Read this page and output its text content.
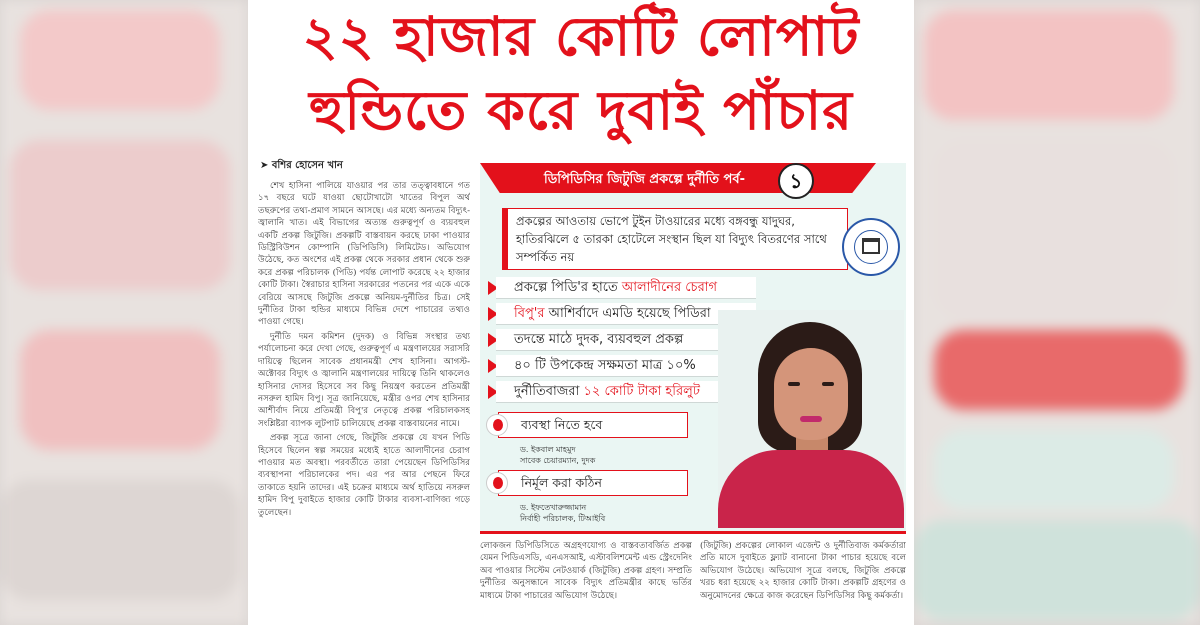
২২ হাজার কোটি লোপাট
হুন্ডিতে করে দুবাই পাঁচার
➤ বশির হোসেন খান

শেখ হাসিনা পালিয়ে যাওয়ার পর তার তত্ত্বাবধানে গত ১৭ বছরে ঘটে যাওয়া ছোটোখাটো খাতের বিপুল অর্থ তছরুপের তথ্য-প্রমাণ সামনে আসছে। এর মধ্যে অন্যতম বিদ্যুৎ-জ্বালানি খাত। এই বিভাগের অত্যন্ত গুরুত্বপূর্ণ ও ব্যয়বহুল একটি প্রকল্প জিটুজি। প্রকল্পটি বাস্তবায়ন করছে ঢাকা পাওয়ার ডিস্ট্রিবিউশন কোম্পানি (ডিপিডিসি) লিমিটেড। অভিযোগ উঠেছে, কত অংশের এই প্রকল্প থেকে সরকার প্রধান থেকে শুরু করে প্রকল্প পরিচালক (পিডি) পর্যন্ত লোপাট করেছে ২২ হাজার কোটি টাকা। স্বৈরাচার হাসিনা সরকারের পতনের পর একে একে বেরিয়ে আসছে জিটুজি প্রকল্পে অনিয়ম-দুর্নীতির চিত্র। সেই দুর্নীতির টাকা হুন্ডির মাধ্যমে বিভিন্ন দেশে পাচারের তথ্যও পাওয়া গেছে।

দুর্নীতি দমন কমিশন (দুদক) ও বিভিন্ন সংস্থার তথ্য পর্যালোচনা করে দেখা গেছে, গুরুত্বপূর্ণ এ মন্ত্রণালয়ের সরাসরি দায়িত্বে ছিলেন সাবেক প্রধানমন্ত্রী শেখ হাসিনা। আগস্ট-অক্টোবর বিদ্যুৎ ও জ্বালানি মন্ত্রণালয়ের দায়িত্বে তিনি থাকলেও হাসিনার দোসর হিসেবে সব কিছু নিয়ন্ত্রণ করতেন প্রতিমন্ত্রী নসরুল হামিদ বিপু। সূত্র জানিয়েছে, মন্ত্রীর ওপর শেখ হাসিনার আশীর্বাদ নিয়ে প্রতিমন্ত্রী বিপু'র নেতৃত্বে প্রকল্প পরিচালকসহ সংশ্লিষ্টরা ব্যাপক লুটপাট চালিয়েছে প্রকল্প বাস্তবায়নের নামে।

প্রকল্প সূত্রে জানা গেছে, জিটুজি প্রকল্পে যে যখন পিডি হিসেবে ছিলেন স্বল্প সময়ের মধ্যেই হাতে আলাদীনের চেরাগ পাওয়ার মত অবস্থা। পরবর্তীতে তারা পেয়েছেন ডিপিডিসির ব্যবস্থাপনা পরিচালকের পদ। এর পর আর পেছনে ফিরে তাকাতে হয়নি তাদের। এই চক্রের মাধ্যমে অর্থ হাতিয়ে নসরুল হামিদ বিপু দুবাইতে হাজার কোটি টাকার ব্যবসা-বাণিজ্য গড়ে তুলেছেন।

ডিপিডিসির জিটুজি প্রকল্পে দুর্নীতি পর্ব-	১
প্রকল্পের আওতায় ভোপে টুইন টাওয়ারের মধ্যে বঙ্গবন্ধু যাদুঘর, হাতিরঝিলে ৫ তারকা হোটেলে সংস্থান ছিল যা বিদ্যুৎ বিতরণের সাথে সম্পর্কিত নয়
প্রকল্পে পিডি'র হাতে আলাদীনের চেরাগ
বিপু'র আশির্বাদে এমডি হয়েছে পিডিরা
তদন্তে মাঠে দুদক, ব্যয়বহুল প্রকল্প
৪০ টি উপকেন্দ্র সক্ষমতা মাত্র ১০%
দুর্নীতিবাজরা ১২ কোটি টাকা হরিলুট
ব্যবস্থা নিতে হবে
ড. ইকবাল মাহমুদ
সাবেক চেয়ারম্যান, দুদক
নির্মূল করা কঠিন
ড. ইফতেখারুজ্জামান
নির্বাহী পরিচালক, টিআইবি
লোকজন ডিপিডিসিতে অগ্রহণযোগ্য ও বাস্তবতাবর্জিত প্রকল্প যেমন পিডিএসডি, এনএসআই, এস্টাবলিশমেন্ট এন্ড স্ট্রেংদেনিং অব পাওয়ার সিস্টেম নেটওয়ার্ক (জিটুজি) প্রকল্প গ্রহণ। সম্প্রতি দুর্নীতির অনুসন্ধানে সাবেক বিদ্যুৎ প্রতিমন্ত্রীর কাছে ভর্তির মাধ্যমে টাকা পাচারের অভিযোগ উঠেছে।
(জিটুজি) প্রকল্পের লোকাল এজেন্ট ও দুর্নীতিবাজ কর্মকর্তারা প্রতি মাসে দুবাইতে ফ্ল্যাট বানানো টাকা পাচার হয়েছে বলে অভিযোগ উঠেছে। অভিযোগ সূত্রে বলছে, জিটুজি প্রকল্পে খরচ ধরা হয়েছে ২২ হাজার কোটি টাকা। প্রকল্পটি গ্রহণের ও অনুমোদনের ক্ষেত্রে কাজ করেছেন ডিপিডিসির কিছু কর্মকর্তা।
